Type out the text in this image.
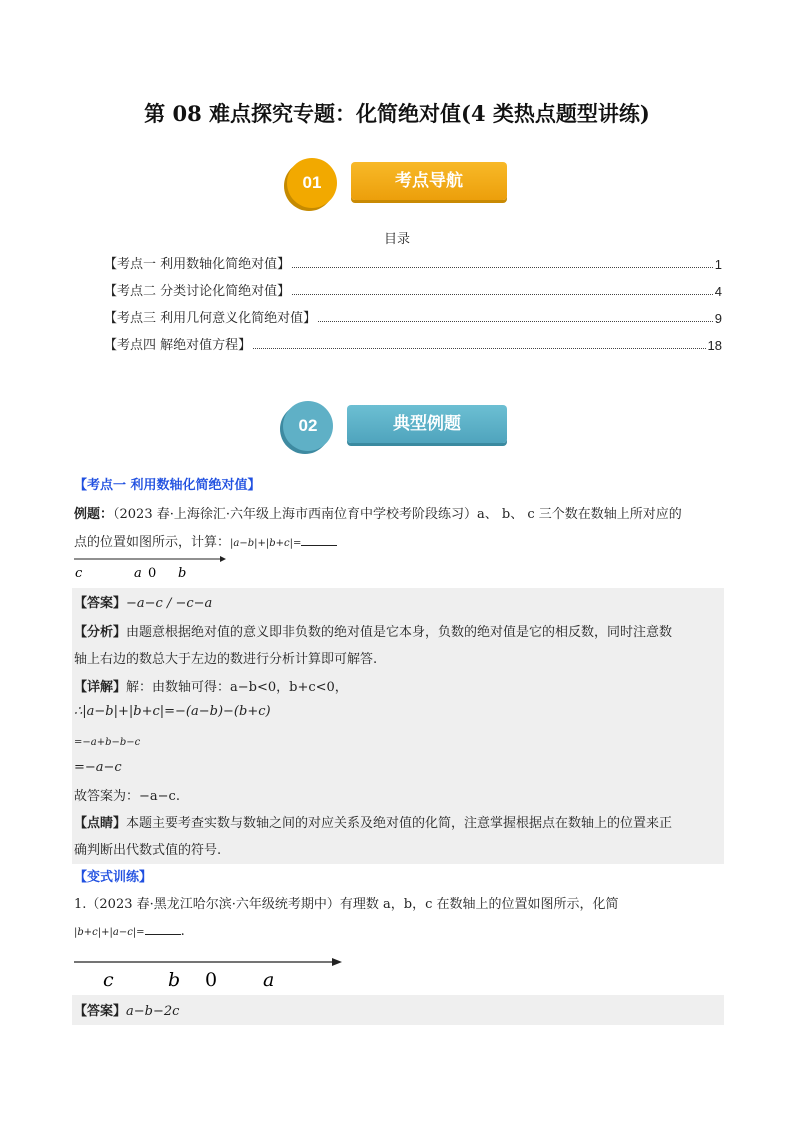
第 08 难点探究专题：化简绝对值(4 类热点题型讲练)
01	考点导航
目录
【考点一 利用数轴化简绝对值】	1
【考点二 分类讨论化简绝对值】	4
【考点三 利用几何意义化简绝对值】	9
【考点四 解绝对值方程】	18
02	典型例题
【考点一 利用数轴化简绝对值】
例题：（2023 春·上海徐汇·六年级上海市西南位育中学校考阶段练习）a、 b、 c 三个数在数轴上所对应的
点的位置如图所示，计算：|a−b|+|b+c|=
c	a 0 b
【答案】−a−c / −c−a
【分析】由题意根据绝对值的意义即非负数的绝对值是它本身，负数的绝对值是它的相反数，同时注意数
轴上右边的数总大于左边的数进行分析计算即可解答.
【详解】解：由数轴可得：a−b<0，b+c<0，
∴|a−b|+|b+c|=−(a−b)−(b+c)
=−a+b−b−c
=−a−c
故答案为：−a−c.
【点睛】本题主要考查实数与数轴之间的对应关系及绝对值的化简，注意掌握根据点在数轴上的位置来正
确判断出代数式值的符号.
【变式训练】
1.（2023 春·黑龙江哈尔滨·六年级统考期中）有理数 a，b，c 在数轴上的位置如图所示，化简
|b+c|+|a−c|=	.
c	b 0 a
【答案】a−b−2c
